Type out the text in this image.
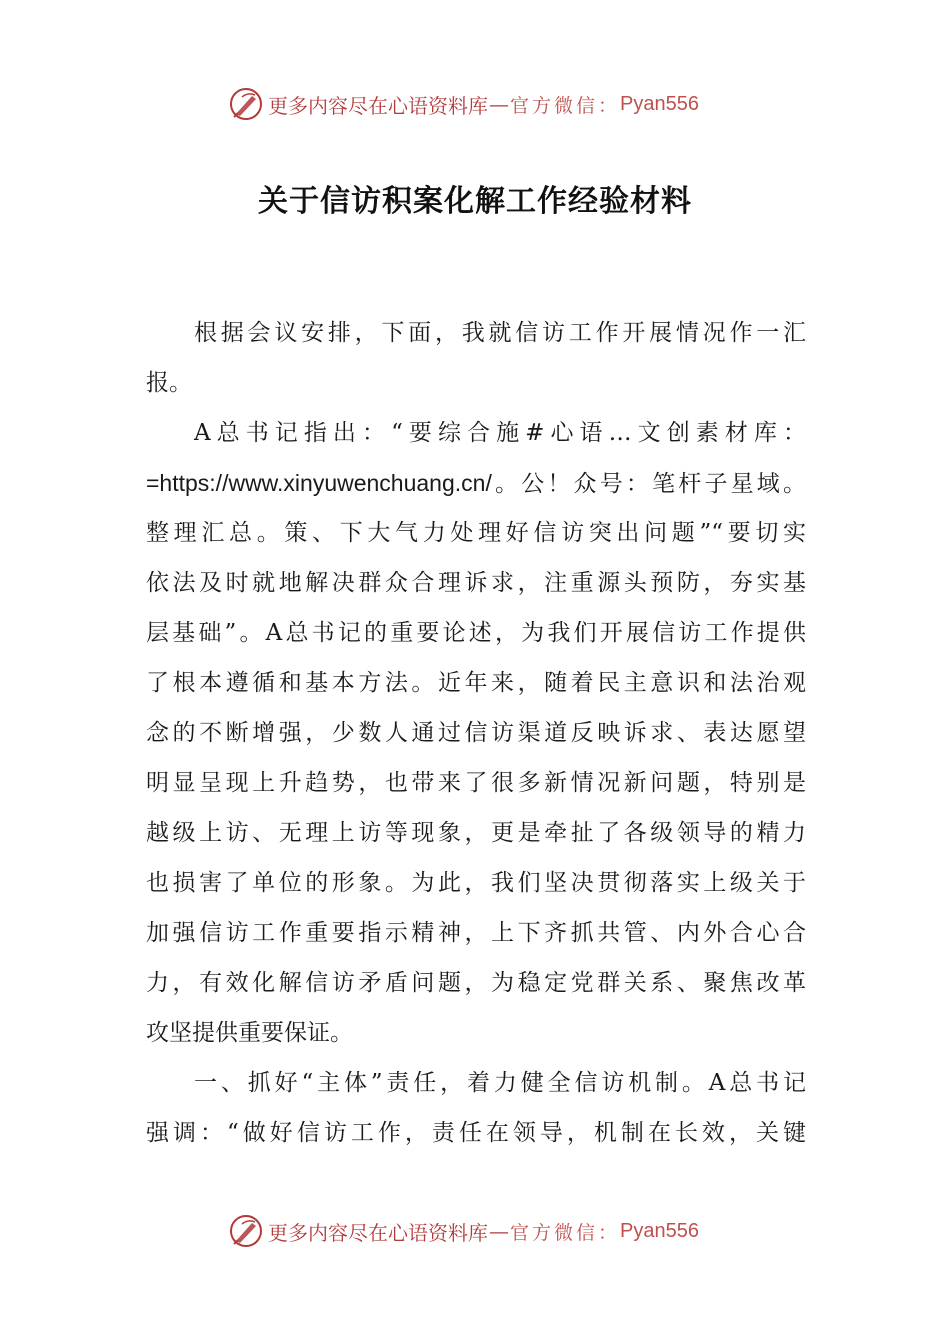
更多内容尽在心语资料库 — 官方微信： Pyan556
关于信访积案化解工作经验材料
根据会议安排，下面，我就信访工作开展情况作一汇
报。
A总书记指出：“要综合施#心语…文创素材库：
=https://www.xinyuwenchuang.cn/。公！众号：笔杆子星域。
整理汇总。策、下大气力处理好信访突出问题”“要切实
依法及时就地解决群众合理诉求，注重源头预防，夯实基
层基础”。A总书记的重要论述，为我们开展信访工作提供
了根本遵循和基本方法。近年来，随着民主意识和法治观
念的不断增强，少数人通过信访渠道反映诉求、表达愿望
明显呈现上升趋势，也带来了很多新情况新问题，特别是
越级上访、无理上访等现象，更是牵扯了各级领导的精力
也损害了单位的形象。为此，我们坚决贯彻落实上级关于
加强信访工作重要指示精神，上下齐抓共管、内外合心合
力，有效化解信访矛盾问题，为稳定党群关系、聚焦改革
攻坚提供重要保证。
一、抓好“主体”责任，着力健全信访机制。A总书记
强调：“做好信访工作，责任在领导，机制在长效，关键
更多内容尽在心语资料库 — 官方微信： Pyan556
